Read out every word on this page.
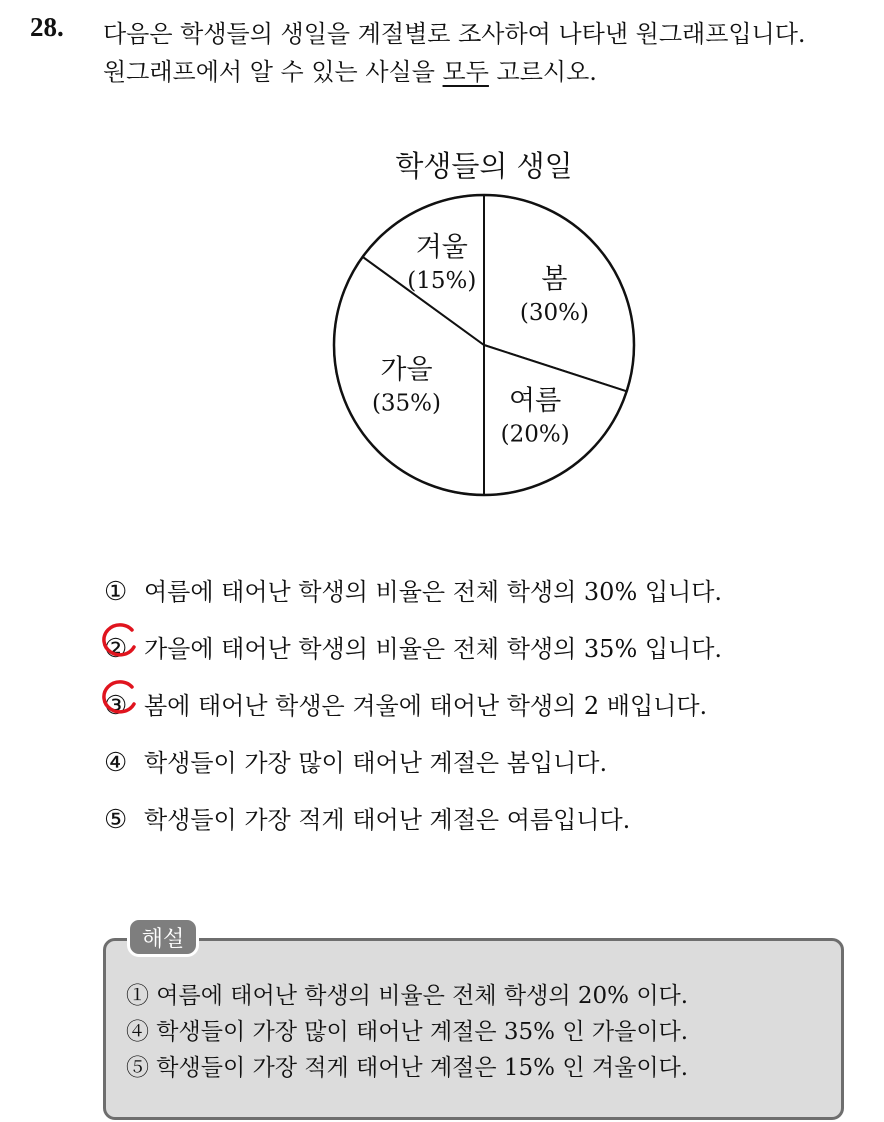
28. 다음은 학생들의 생일을 계절별로 조사하여 나타낸 원그래프입니다.
원그래프에서 알 수 있는 사실을 모두 고르시오.
학생들의 생일
봄
(30%)
여름
(20%)
가을
(35%)
겨울
(15%)
① 여름에 태어난 학생의 비율은 전체 학생의 30% 입니다.
② 가을에 태어난 학생의 비율은 전체 학생의 35% 입니다.
③ 봄에 태어난 학생은 겨울에 태어난 학생의 2 배입니다.
④ 학생들이 가장 많이 태어난 계절은 봄입니다.
⑤ 학생들이 가장 적게 태어난 계절은 여름입니다.
① 여름에 태어난 학생의 비율은 전체 학생의 20% 이다.
④ 학생들이 가장 많이 태어난 계절은 35% 인 가을이다.
⑤ 학생들이 가장 적게 태어난 계절은 15% 인 겨울이다.
해설
